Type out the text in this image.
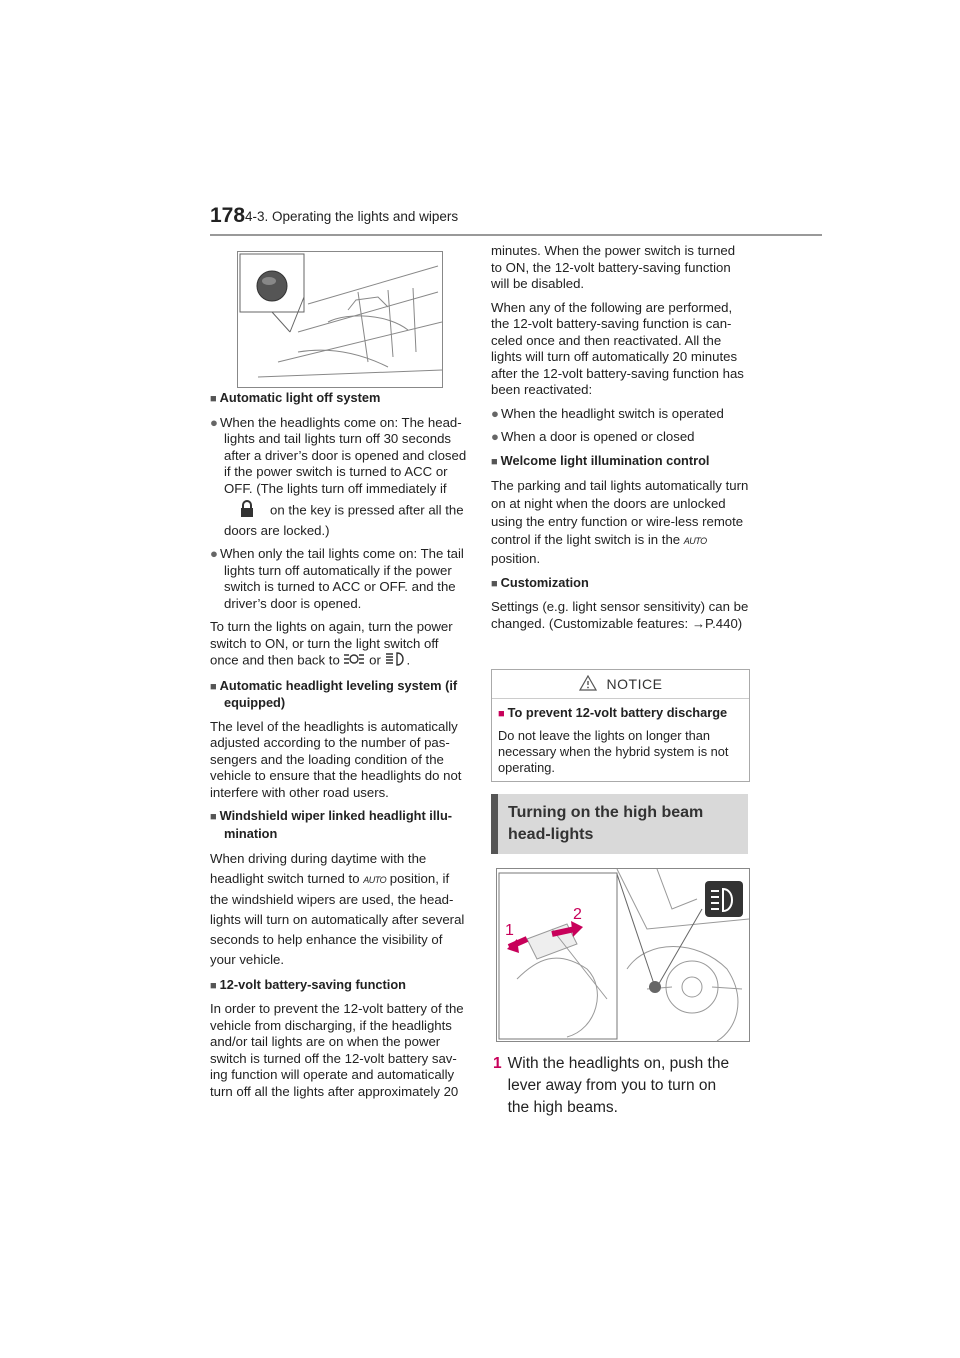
178 4-3. Operating the lights and wipers

■ Automatic light off system

● When the headlights come on: The head-lights and tail lights turn off 30 seconds after a driver’s door is opened and closed if the power switch is turned to ACC or OFF. (The lights turn off immediately if

on the key is pressed after all the doors are locked.)

● When only the tail lights come on: The tail lights turn off automatically if the power switch is turned to ACC or OFF. and the driver’s door is opened.

To turn the lights on again, turn the power switch to ON, or turn the light switch off once and then back to or .

■ Automatic headlight leveling system (if equipped)

The level of the headlights is automatically adjusted according to the number of pas-sengers and the loading condition of the vehicle to ensure that the headlights do not interfere with other road users.

■ Windshield wiper linked headlight illu-mination

When driving during daytime with the headlight switch turned to AUTO position, if the windshield wipers are used, the head-lights will turn on automatically after several seconds to help enhance the visibility of your vehicle.

■ 12-volt battery-saving function

In order to prevent the 12-volt battery of the vehicle from discharging, if the headlights and/or tail lights are on when the power switch is turned off the 12-volt battery sav-ing function will operate and automatically turn off all the lights after approximately 20

minutes. When the power switch is turned to ON, the 12-volt battery-saving function will be disabled.

When any of the following are performed, the 12-volt battery-saving function is can-celed once and then reactivated. All the lights will turn off automatically 20 minutes after the 12-volt battery-saving function has been reactivated:

● When the headlight switch is operated

● When a door is opened or closed

■ Welcome light illumination control

The parking and tail lights automatically turn on at night when the doors are unlocked using the entry function or wire-less remote control if the light switch is in the AUTO position.

■ Customization

Settings (e.g. light sensor sensitivity) can be changed. (Customizable features: →P.440)

NOTICE
■ To prevent 12-volt battery discharge
Do not leave the lights on longer than necessary when the hybrid system is not operating.
Turning on the high beam head-lights
1
2
1 With the headlights on, push the lever away from you to turn on the high beams.
